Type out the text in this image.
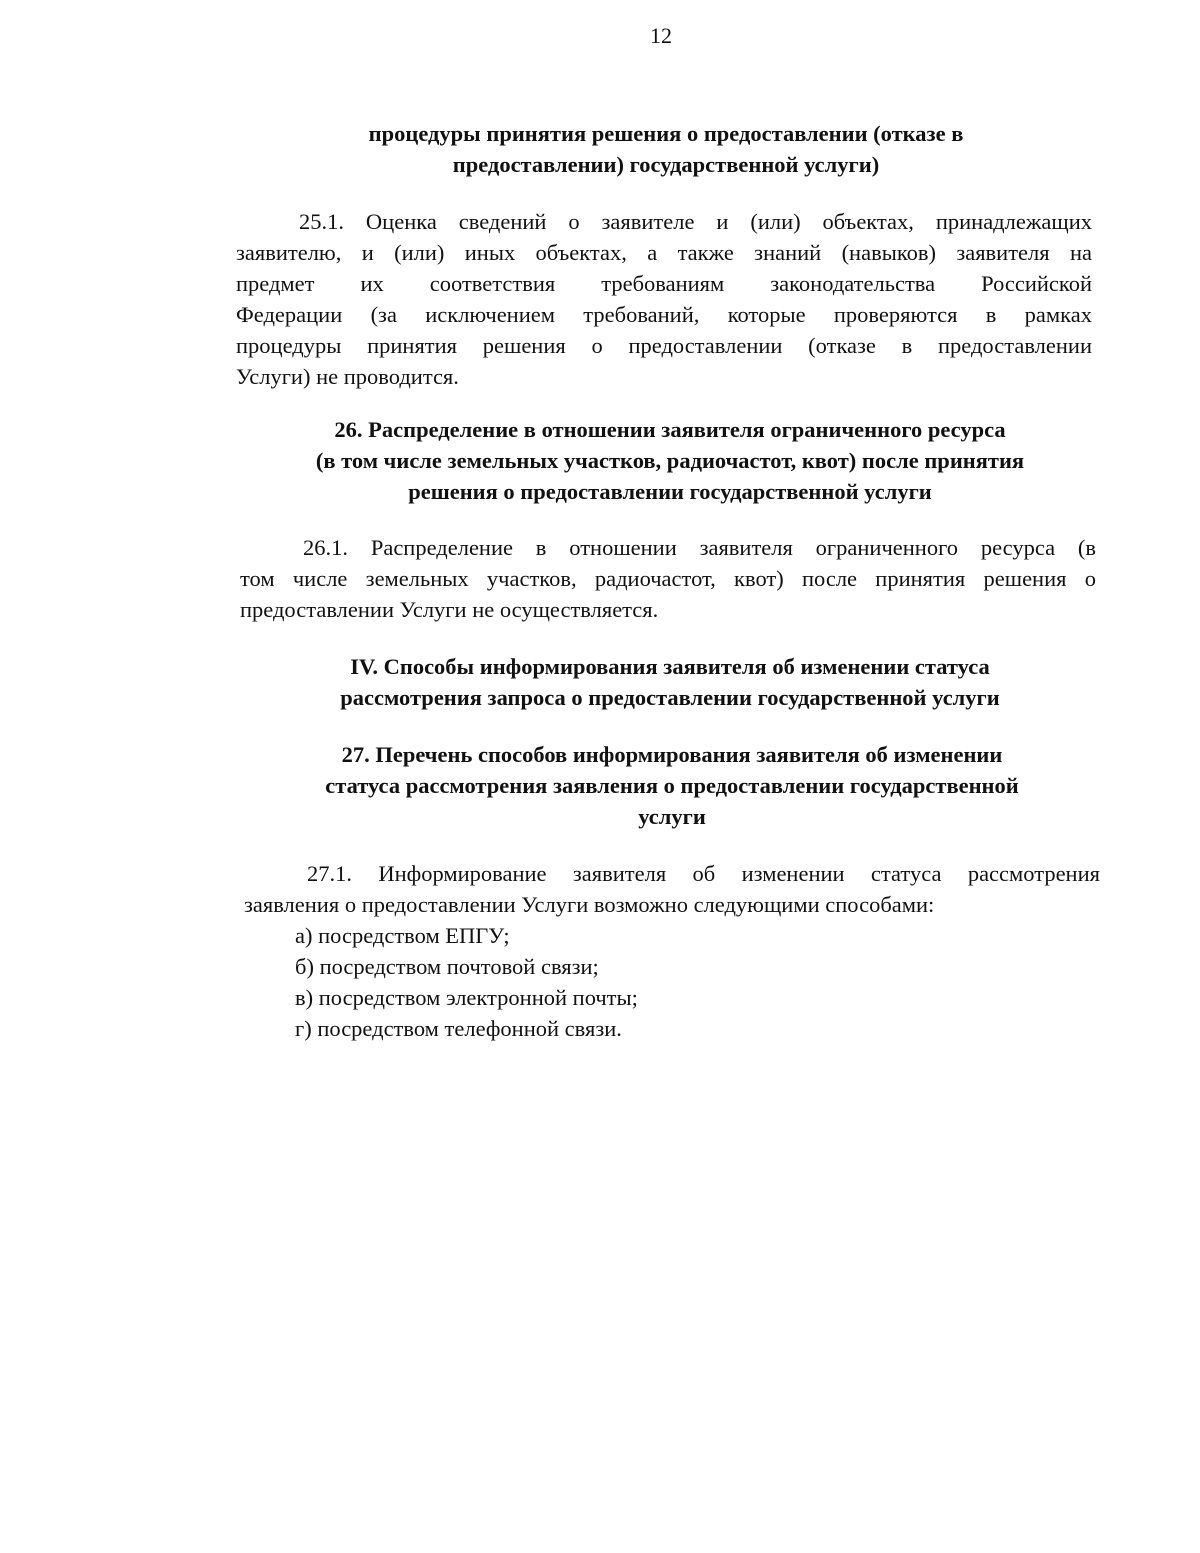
12
процедуры принятия решения о предоставлении (отказе в
предоставлении) государственной услуги)
25.1. Оценка сведений о заявителе и (или) объектах, принадлежащих
заявителю, и (или) иных объектах, а также знаний (навыков) заявителя на
предмет их соответствия требованиям законодательства Российской
Федерации (за исключением требований, которые проверяются в рамках
процедуры принятия решения о предоставлении (отказе в предоставлении
Услуги) не проводится.
26. Распределение в отношении заявителя ограниченного ресурса
(в том числе земельных участков, радиочастот, квот) после принятия
решения о предоставлении государственной услуги
26.1. Распределение в отношении заявителя ограниченного ресурса (в
том числе земельных участков, радиочастот, квот) после принятия решения о
предоставлении Услуги не осуществляется.
IV. Способы информирования заявителя об изменении статуса
рассмотрения запроса о предоставлении государственной услуги
27. Перечень способов информирования заявителя об изменении
статуса рассмотрения заявления о предоставлении государственной
услуги
27.1. Информирование заявителя об изменении статуса рассмотрения
заявления о предоставлении Услуги возможно следующими способами:
а) посредством ЕПГУ;
б) посредством почтовой связи;
в) посредством электронной почты;
г) посредством телефонной связи.
